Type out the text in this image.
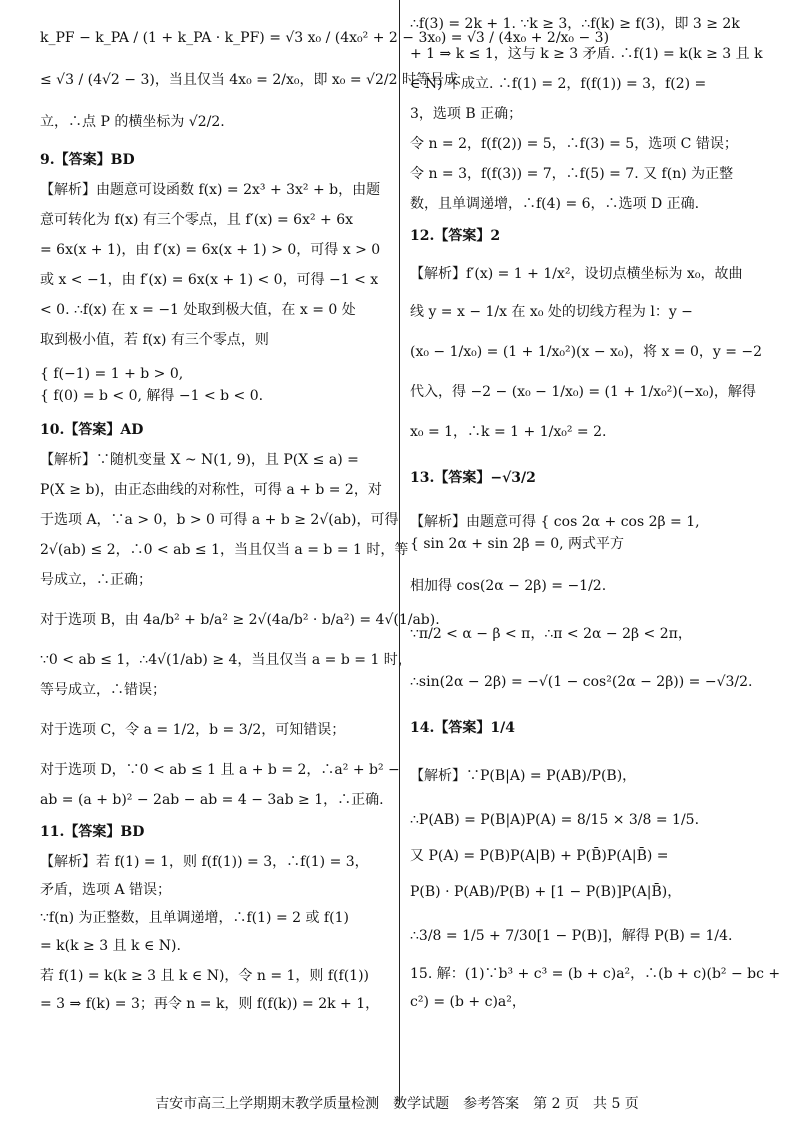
k_PF − k_PA / (1 + k_PA · k_PF) = √3 x₀ / (4x₀² + 2 − 3x₀) = √3 / (4x₀ + 2/x₀ − 3)

≤ √3 / (4√2 − 3)，当且仅当 4x₀ = 2/x₀，即 x₀ = √2/2 时等号成

立，∴点 P 的横坐标为 √2/2.

9.【答案】BD

【解析】由题意可设函数 f(x) = 2x³ + 3x² + b，由题

意可转化为 f(x) 有三个零点，且 f′(x) = 6x² + 6x

= 6x(x + 1)，由 f′(x) = 6x(x + 1) > 0，可得 x > 0

或 x < −1，由 f′(x) = 6x(x + 1) < 0，可得 −1 < x

< 0. ∴f(x) 在 x = −1 处取到极大值，在 x = 0 处

取到极小值，若 f(x) 有三个零点，则

{ f(−1) = 1 + b > 0,

{ f(0) = b < 0, 解得 −1 < b < 0.

10.【答案】AD

【解析】∵随机变量 X ~ N(1, 9)，且 P(X ≤ a) =

P(X ≥ b)，由正态曲线的对称性，可得 a + b = 2，对

于选项 A，∵a > 0，b > 0 可得 a + b ≥ 2√(ab)，可得

2√(ab) ≤ 2，∴0 < ab ≤ 1，当且仅当 a = b = 1 时，等

号成立，∴正确；

对于选项 B，由 4a/b² + b/a² ≥ 2√(4a/b² · b/a²) = 4√(1/ab).

∵0 < ab ≤ 1，∴4√(1/ab) ≥ 4，当且仅当 a = b = 1 时，

等号成立，∴错误；

对于选项 C，令 a = 1/2，b = 3/2，可知错误；

对于选项 D，∵0 < ab ≤ 1 且 a + b = 2，∴a² + b² −

ab = (a + b)² − 2ab − ab = 4 − 3ab ≥ 1，∴正确.

11.【答案】BD

【解析】若 f(1) = 1，则 f(f(1)) = 3，∴f(1) = 3，

矛盾，选项 A 错误；

∵f(n) 为正整数，且单调递增，∴f(1) = 2 或 f(1)

= k(k ≥ 3 且 k ∈ N).

若 f(1) = k(k ≥ 3 且 k ∈ N)，令 n = 1，则 f(f(1))

= 3 ⇒ f(k) = 3；再令 n = k，则 f(f(k)) = 2k + 1，

∴f(3) = 2k + 1. ∵k ≥ 3，∴f(k) ≥ f(3)，即 3 ≥ 2k

+ 1 ⇒ k ≤ 1，这与 k ≥ 3 矛盾. ∴f(1) = k(k ≥ 3 且 k

∈ N) 不成立. ∴f(1) = 2，f(f(1)) = 3，f(2) =

3，选项 B 正确；

令 n = 2，f(f(2)) = 5，∴f(3) = 5，选项 C 错误；

令 n = 3，f(f(3)) = 7，∴f(5) = 7. 又 f(n) 为正整

数，且单调递增，∴f(4) = 6，∴选项 D 正确.

12.【答案】2

【解析】f′(x) = 1 + 1/x²，设切点横坐标为 x₀，故曲

线 y = x − 1/x 在 x₀ 处的切线方程为 l：y −

(x₀ − 1/x₀) = (1 + 1/x₀²)(x − x₀)，将 x = 0，y = −2

代入，得 −2 − (x₀ − 1/x₀) = (1 + 1/x₀²)(−x₀)，解得

x₀ = 1，∴k = 1 + 1/x₀² = 2.

13.【答案】−√3/2

【解析】由题意可得 { cos 2α + cos 2β = 1,

{ sin 2α + sin 2β = 0, 两式平方

相加得 cos(2α − 2β) = −1/2.

∵π/2 < α − β < π，∴π < 2α − 2β < 2π，

∴sin(2α − 2β) = −√(1 − cos²(2α − 2β)) = −√3/2.

14.【答案】1/4

【解析】∵P(B|A) = P(AB)/P(B)，

∴P(AB) = P(B|A)P(A) = 8/15 × 3/8 = 1/5.

又 P(A) = P(B)P(A|B) + P(B̄)P(A|B̄) =

P(B) · P(AB)/P(B) + [1 − P(B)]P(A|B̄)，

∴3/8 = 1/5 + 7/30[1 − P(B)]，解得 P(B) = 1/4.

15. 解：(1)∵b³ + c³ = (b + c)a²，∴(b + c)(b² − bc +

c²) = (b + c)a²，

吉安市高三上学期期末教学质量检测　数学试题　参考答案　第 2 页　共 5 页
